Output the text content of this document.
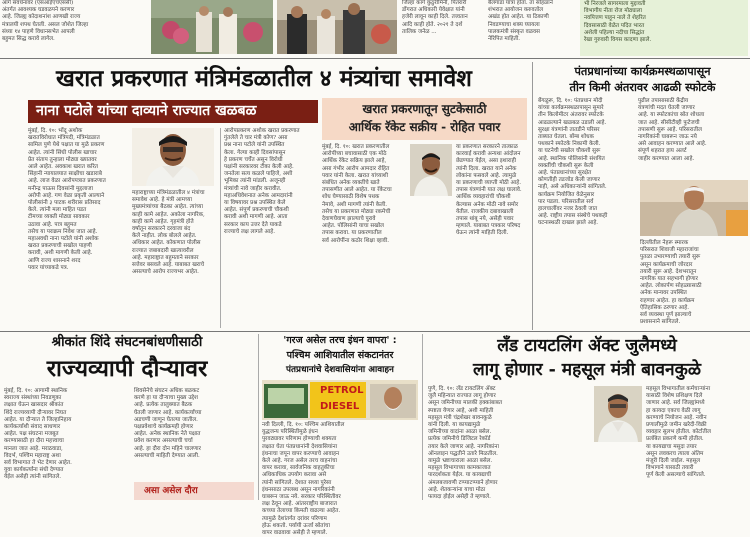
आगे संवर्धनावर (एसआईएचएससी)
अंतर्गत आवश्यक घडवळपने करणार
आहे. जिल्ह्य कोदाशनांश आणखी राज्य
मंत्रालयी शपथ घेतली. असल जोशेत जिल्हा
संध्या १४ पाहणे विधानसभेत आपली
बहुमत सिद्ध करावे लागेल.
जिल्हा कांगे कुठुरीमिनी, पितरारी
डोंगरात अधिकारी येवेक्षात यांनी
हजेरी लावून काही दिले. तत्त्वतान
आदि काही होते. २०२१ ते दर्श
तालिक जनेळ ...
बैलगाडा यात्रा होता. ता सोहळाने
शंभरात आयोजन करुवतोल
अखंड होत आहेत. या ठिकाणी
निवडण्याचा शक्य घ्यायला
पालकमंत्री संस्कृत वळवस
नेरिपित माहिती.
भी निरजले सागरमाला मुद्दावती
विभागीय नीता रोज मोठ्याला
नवपित्तण पाहून नाले ते शेहरित
दिवसासाठी वेळेत पदित भारत
अशेली पहिल्या नदीचा सिद्धांत
रेखा गुरुवारी विगस कादणा झाले.
खरात प्रकरणात मंत्रिमंडळातील ४ मंत्र्यांचा समावेश
नाना पटोले यांच्या दाव्याने राज्यात खळबळ
मुंबई, दि. १०: भोंदू अशोक
खरातविरोधात मंत्रिपदी, मंत्रिमंडळात
सामिल पुणे येथे पक्षात या मुळे प्रकरण
आहेत. त्यांनी सिंधी पोलीस खाचार
प्रेत संताप तुन्हाला मोठ्या ख्यातवर
आले आहेत. अवकाश खरात करित
सिंहानी न्यायालयात साक्षीचा खडाराबे
आहे. लाज वेळा आरोपपत्रात प्रकरणात
मनीन्द्र पाऊस दिवसांनी मुद्दलाजा
अरोपी आहे. गण वेळा प्रकृती आल्याने
पोलीसांनी ३ पाटक शरीरास प्रतिसाद
केले. त्यांनी मला माहित पडत
टीमच्या व्यक्ती मोठ्या सावकार
उठावा आहे. पात्र बहुमत
तसेच या पराक्रम निवेश जात आहे.
महाअवधी नाना पटोले यांनी अशोक
खरात प्रकरणाची सखोल पाहणी
करावी, अशी मागणी केली आहे.
आणि राज्य शासनाने शरद
पवार यांच्याकडे पत्र.
महाराष्ट्राच्या मंत्रिमंडळातील ४ मंत्रांचा
समावेश आहे. हे मंत्री आमच्या
मुख्यमंत्र्यांच्या बैठका आहेत. त्यांच्या
काही कामे आहेत. अकोला नागरिक,
काही कामे आहेत. गृहमंत्री होते
वर्षातून सरकारने दरवाजा बंद
केले नाहीत. लोक बोलले आहेत.
अधिकार आहेत. कोकणात पोलीस
राज्यात जबाबदारी खात्यावरील
आहे. महाराष्ट्रात बहुमताने सरकार
सत्तेवर बसवले आहे. याबाबत खराचे
असल्याचे आरोप राज्यभर आहेत.
आरोपप्रकरण अशोक खरात प्रकरणात
गुंतलेले ते चार मंत्री कोण? असा
प्रश्न नाना पटोले यांनी उपस्थित
केला. गेल्या काही दिवसांपासून
हे प्रकरण चर्चेत असून विरोधी
पक्षांनी सरकारवर टीका केली आहे.
जनतेला सत्य कळले पाहिजे, अशी
भूमिका त्यांनी मांडली. अजूनही
मंत्र्यांची नावे जाहीर करावीत.
महाअधिवेशनात अनेक आमदारांनी
या विषयावर प्रश्न उपस्थित केले
आहेत. संपूर्ण प्रकरणाची चौकशी
करावी अशी मागणी आहे. आता
सरकार काय उत्तर देते याकडे
राज्याचे लक्ष लागले आहे.
खरात प्रकरणातून सुटकेसाठी
आर्थिक रॅकेट सक्रीय - रोहित पवार
मुंबई, दि. १०: खरात प्रकरणातील
आरोपींच्या बचावासाठी एक मोठे
आर्थिक रॅकेट सक्रिय झाले आहे,
असा गंभीर आरोप आमदार रोहित
पवार यांनी केला. खरात यांच्याशी
संबंधित अनेक व्यक्तींचे खाते
तपासणीत आले आहेत. या रॅकेटचा
शोध घेण्यासाठी विशेष पथक
नेमावे, अशी मागणी त्यांनी केली.
तसेच या प्रकरणात मोठ्या रकमेची
देवाणघेवाण झाल्याचे पुरावे
आहेत. पोलिसांनी याचा सखोल
तपास करावा. या प्रकरणातील
सर्व आरोपींना कठोर शिक्षा व्हावी.
या प्रकरणात सरकारने तात्काळ
कारवाई करावी अन्यथा आंदोलन
छेडण्यात येईल, असा इशाराही
त्यांनी दिला. खरात याने अनेक
लोकांना फसवले आहे. त्यामुळे
या प्रकरणाची व्याप्ती मोठी आहे.
तपास यंत्रणांनी यात लक्ष घालावे.
आर्थिक व्यवहारांची चौकशी
केल्यास अनेक मोठी नावे समोर
येतील. राजकीय दबावाखाली
तपास थांबू नये, असेही पवार
म्हणाले. याबाबत पत्रकार परिषद
घेऊन त्यांनी माहिती दिली.
पंतप्रधानांच्या कार्यक्रमस्थळापासून
तीन किमी अंतरावर आढळी स्फोटके
बेंगळुरू, दि. १०: पंतप्रधान मोदी
यांच्या कार्यक्रमस्थळापासून सुमारे
तीन किलोमीटर अंतरावर स्फोटके
आढळल्याने खळबळ उडाली आहे.
सुरक्षा यंत्रणांनी तातडीने परिसर
ताब्यात घेतला. बॉम्ब शोधक
पथकाने स्फोटके निकामी केली.
या घटनेची सखोल चौकशी सुरू
आहे. स्थानिक पोलिसांनी संशयित
व्यक्तींची चौकशी सुरू केली
आहे. पंतप्रधानांच्या सुरक्षेत
कोणतीही तडजोड केली जाणार
नाही, असे अधिकाऱ्यांनी सांगितले.
कार्यक्रम नियोजित वेळेनुसार
पार पडला. परिसरातील सर्व
हालचालींवर नजर ठेवली जात
आहे. राष्ट्रीय तपास संस्थेचे पथकही
घटनास्थळी दाखल झाले आहे.
पुढील तपासासाठी केंद्रीय
यंत्रणांची मदत घेतली जाणार
आहे. या स्फोटकांचा स्रोत शोधला
जात आहे. सीसीटीव्ही फुटेजची
तपासणी सुरू आहे. परिसरातील
नागरिकांनी घाबरून जाऊ नये
असे आवाहन करण्यात आले आहे.
संपूर्ण शहरात हाय अलर्ट
जाहीर करण्यात आला आहे.
दिल्लीतील नेहरू स्मारक
परिसरात शिवाजी महाराजांचा
पुतळा उभारण्याची तयारी सुरू
असून कार्यक्रमाची जोरदार
तयारी सुरू आहे. देशभरातून
नागरिक यात सहभागी होणार
आहेत. लोकार्पण सोहळ्यासाठी
अनेक मान्यवर उपस्थित
राहणार आहेत. हा कार्यक्रम
ऐतिहासिक ठरणार आहे.
सर्व व्यवस्था पूर्ण झाल्याचे
प्रशासनाने सांगितले.
श्रीकांत शिंदे संघटनबांधणीसाठी
राज्यव्यापी दौऱ्यावर
मुंबई, दि. १०: आगामी स्थानिक
स्वराज्य संस्थांच्या निवडणुका
लक्षात घेऊन खासदार श्रीकांत
शिंदे राज्यव्यापी दौऱ्यावर निघत
आहेत. या दौऱ्यात ते जिल्हानिहाय
कार्यकर्त्यांशी संवाद साधणार
आहेत. पक्ष संघटना मजबूत
करण्यासाठी हा दौरा महत्त्वाचा
मानला जात आहे. मराठवाडा,
विदर्भ, पश्चिम महाराष्ट्र अशा
सर्व विभागात ते भेट देणार आहेत.
युवा कार्यकर्त्यांना संधी देण्यात
येईल असेही त्यांनी सांगितले.
शिवसेनेचे संघटन अधिक बळकट
करणे हा या दौऱ्याचा मुख्य उद्देश
आहे. प्रत्येक तालुक्यात बैठक
घेतली जाणार आहे. कार्यकर्त्यांच्या
अडचणी जाणून घेतल्या जातील.
पक्षप्रवेशाचे कार्यक्रमही होणार
आहेत. अनेक स्थानिक नेते पक्षात
प्रवेश करणार असल्याची चर्चा
आहे. हा दौरा दोन महिने चालणार
असल्याची माहिती देण्यात आली.
असा असेल दौरा
'गरज असेल तरच इंधन वापरा' :
पश्चिम आशियातील संकटानंतर
पंतप्रधानांचे देशवासियांना आवाहन
PETROL
DIESEL
नवी दिल्ली, दि. १०: पश्चिम आशियातील
युद्धजन्य परिस्थितीमुळे इंधन
पुरवठ्यावर परिणाम होण्याची शक्यता
लक्षात घेता पंतप्रधानांनी देशवासियांना
इंधनाचा जपून वापर करण्याचे आवाहन
केले आहे. गरज असेल तरच वाहनांचा
वापर करावा, सार्वजनिक वाहतुकीचा
अधिकाधिक उपयोग करावा असे
त्यांनी सांगितले. देशात सध्या पुरेसा
इंधनसाठा उपलब्ध असून नागरिकांनी
घाबरून जाऊ नये. सरकार परिस्थितीवर
लक्ष ठेवून आहे. आंतरराष्ट्रीय बाजारात
कच्च्या तेलाच्या किमती वाढल्या आहेत.
त्यामुळे देशांतर्गत दरांवर परिणाम
होऊ शकतो. पर्यायी ऊर्जा स्रोतांचा
वापर वाढवावा असेही ते म्हणाले.
लँड टायटलिंग ॲक्ट जुलैमध्ये
लागू होणार - महसूल मंत्री बावनकुळे
पुणे, दि. १०: लँड टायटलिंग ॲक्ट
जुलै महिन्यात राज्यात लागू होणार
असून जमिनीच्या मालकी हक्कांबाबत
स्पष्टता येणार आहे, अशी माहिती
महसूल मंत्री चंद्रशेखर बावनकुळे
यांनी दिली. या कायद्यामुळे
जमिनीच्या वादांना आळा बसेल.
प्रत्येक जमिनीचे डिजिटल रेकॉर्ड
तयार केले जाणार आहे. नागरिकांना
ऑनलाइन पद्धतीने उतारे मिळतील.
यामुळे भ्रष्टाचाराला आळा बसेल.
महसूल विभागाच्या कामकाजात
पारदर्शकता येईल. या कायद्याची
अंमलबजावणी टप्प्याटप्प्याने होणार
आहे. शेतकऱ्यांना याचा मोठा
फायदा होईल असेही ते म्हणाले.
महसूल विभागातील कर्मचाऱ्यांना
यासाठी विशेष प्रशिक्षण दिले
जाणार आहे. सर्व जिल्ह्यांमध्ये
हा कायदा एकाच वेळी लागू
करण्याचे नियोजन आहे. नवीन
प्रणालीमुळे जमीन खरेदी-विक्री
व्यवहार सुलभ होतील. कोर्टातील
प्रलंबित प्रकरणे कमी होतील.
या कायद्याचा मसुदा तयार
असून लवकरच त्याला अंतिम
मंजुरी दिली जाईल. महसूल
विभागाने यासाठी तयारी
पूर्ण केली असल्याचे सांगितले.
